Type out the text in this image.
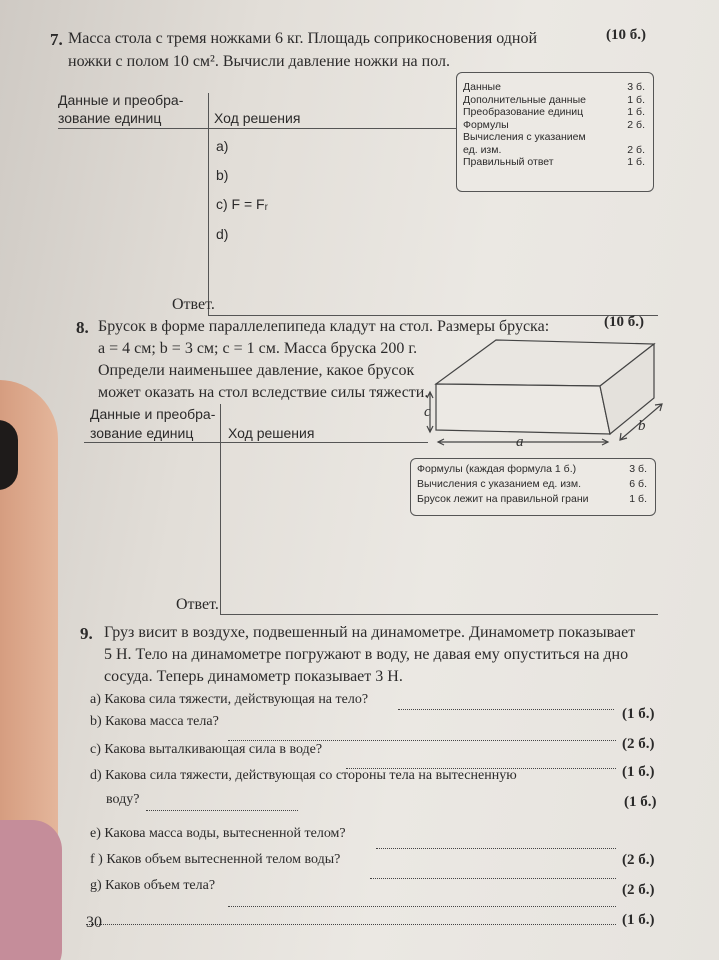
7. Масса стола с тремя ножками 6 кг. Площадь соприкосновения одной
ножки с полом 10 см². Вычисли давление ножки на пол.
(10 б.)
Данные и преобра-
зование единиц	Ход решения
a)
b)
c) F = Fᵣ
d)
Ответ.
Данные	3 б.
Дополнительные данные	1 б.
Преобразование единиц	1 б.
Формулы	2 б.
Вычисления с указанием
ед. изм.	2 б.
Правильный ответ	1 б.
8. Брусок в форме параллелепипеда кладут на стол. Размеры бруска:
a = 4 см; b = 3 см; c = 1 см. Масса бруска 200 г.
Определи наименьшее давление, какое брусок
может оказать на стол вследствие силы тяжести.
(10 б.)
c
a
b
Данные и преобра-
зование единиц Ход решения
Ответ.
Формулы (каждая формула 1 б.)	3 б.
Вычисления с указанием ед. изм.	6 б.
Брусок лежит на правильной грани	1 б.
9. Груз висит в воздухе, подвешенный на динамометре. Динамометр показывает
5 Н. Тело на динамометре погружают в воду, не давая ему опуститься на дно
сосуда. Теперь динамометр показывает 3 Н.
a) Какова сила тяжести, действующая на тело?
(1 б.)
b) Какова масса тела?
(2 б.)
c) Какова выталкивающая сила в воде?
(1 б.)
d) Какова сила тяжести, действующая со стороны тела на вытесненную
воду?	(1 б.)
e) Какова масса воды, вытесненной телом?
(2 б.)
f ) Каков объем вытесненной телом воды?
(2 б.)
g) Каков объем тела?
(1 б.)
30
